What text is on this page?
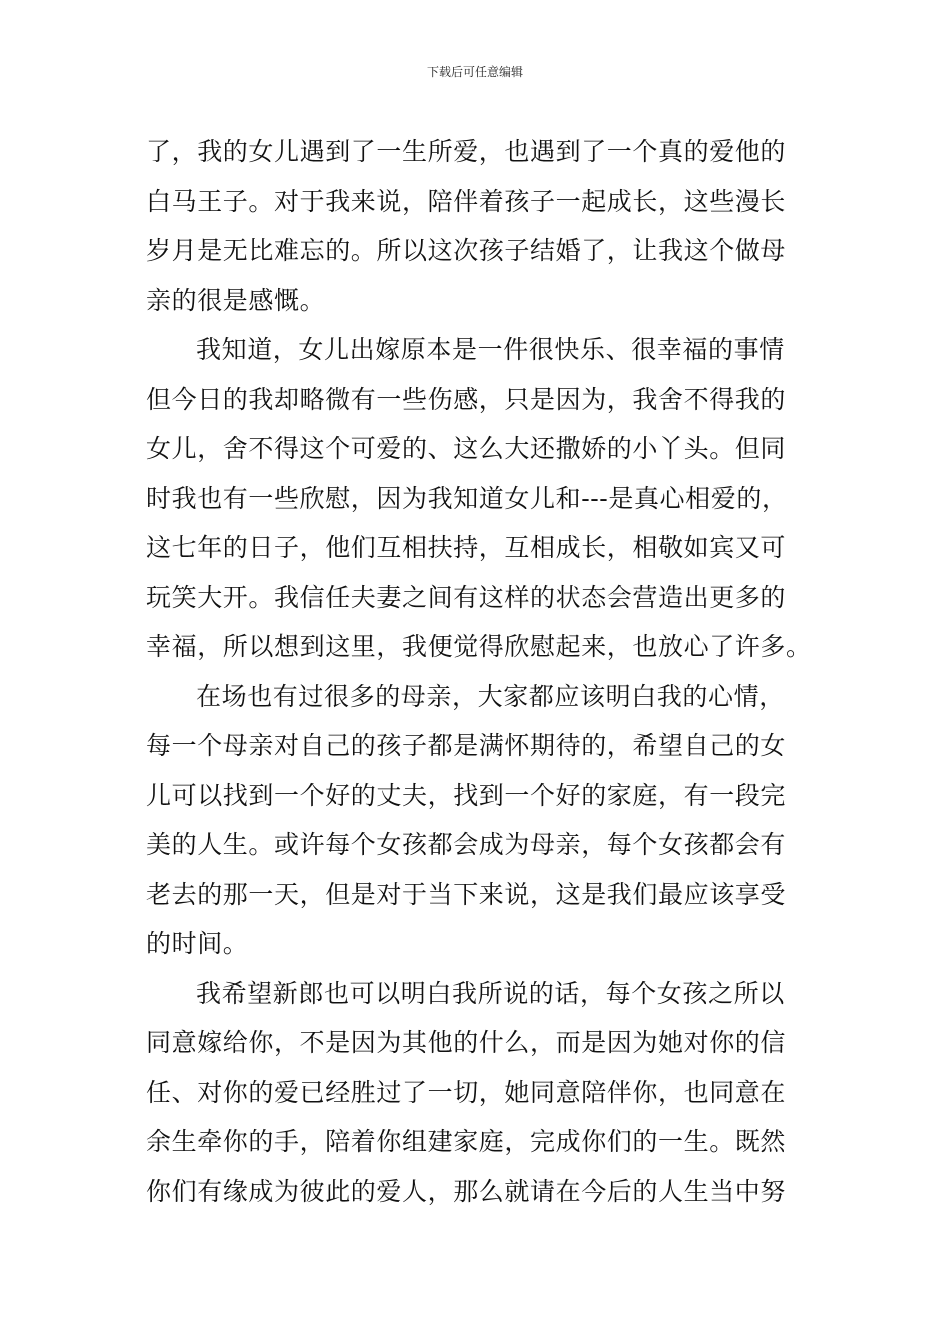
下载后可任意编辑
了，我的女儿遇到了一生所爱，也遇到了一个真的爱他的
白马王子。对于我来说，陪伴着孩子一起成长，这些漫长
岁月是无比难忘的。所以这次孩子结婚了，让我这个做母
亲的很是感慨。
我知道，女儿出嫁原本是一件很快乐、很幸福的事情
但今日的我却略微有一些伤感，只是因为，我舍不得我的
女儿，舍不得这个可爱的、这么大还撒娇的小丫头。但同
时我也有一些欣慰，因为我知道女儿和---是真心相爱的，
这七年的日子，他们互相扶持，互相成长，相敬如宾又可
玩笑大开。我信任夫妻之间有这样的状态会营造出更多的
幸福，所以想到这里，我便觉得欣慰起来，也放心了许多。
在场也有过很多的母亲，大家都应该明白我的心情，
每一个母亲对自己的孩子都是满怀期待的，希望自己的女
儿可以找到一个好的丈夫，找到一个好的家庭，有一段完
美的人生。或许每个女孩都会成为母亲，每个女孩都会有
老去的那一天，但是对于当下来说，这是我们最应该享受
的时间。
我希望新郎也可以明白我所说的话，每个女孩之所以
同意嫁给你，不是因为其他的什么，而是因为她对你的信
任、对你的爱已经胜过了一切，她同意陪伴你，也同意在
余生牵你的手，陪着你组建家庭，完成你们的一生。既然
你们有缘成为彼此的爱人，那么就请在今后的人生当中努
